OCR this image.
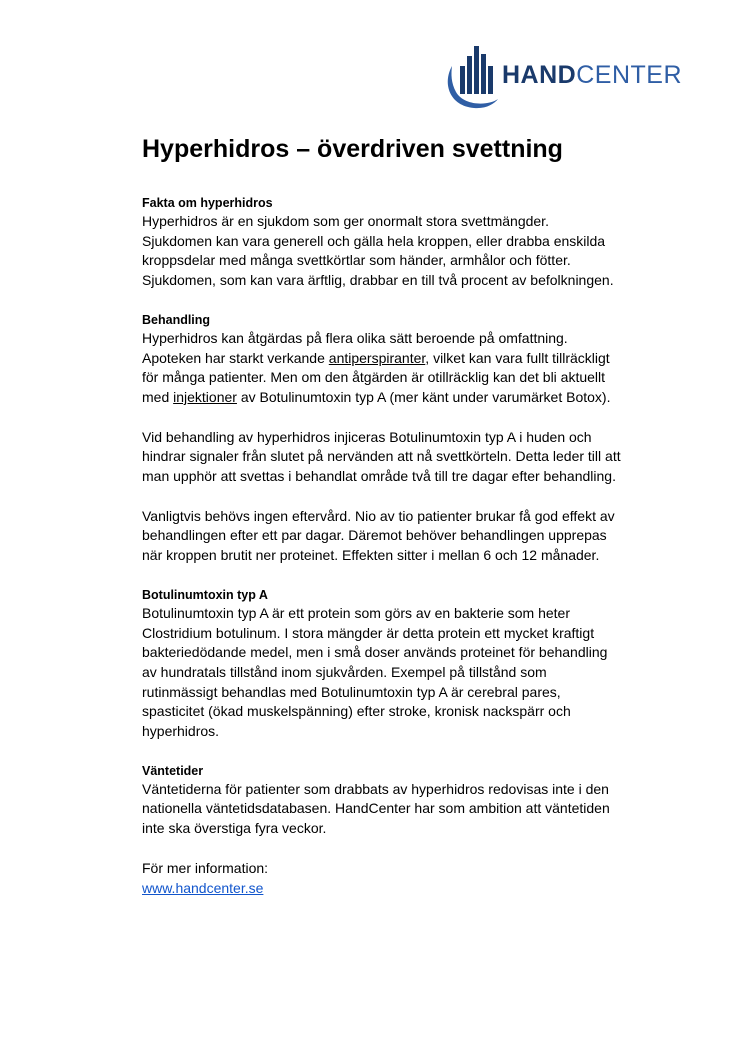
HANDCENTER
Hyperhidros – överdriven svettning
Fakta om hyperhidros

Hyperhidros är en sjukdom som ger onormalt stora svettmängder. Sjukdomen kan vara generell och gälla hela kroppen, eller drabba enskilda kroppsdelar med många svettkörtlar som händer, armhålor och fötter. Sjukdomen, som kan vara ärftlig, drabbar en till två procent av befolkningen.

Behandling

Hyperhidros kan åtgärdas på flera olika sätt beroende på omfattning. Apoteken har starkt verkande antiperspiranter, vilket kan vara fullt tillräckligt för många patienter. Men om den åtgärden är otillräcklig kan det bli aktuellt med injektioner av Botulinumtoxin typ A (mer känt under varumärket Botox).

Vid behandling av hyperhidros injiceras Botulinumtoxin typ A i huden och hindrar signaler från slutet på nervänden att nå svettkörteln. Detta leder till att man upphör att svettas i behandlat område två till tre dagar efter behandling.

Vanligtvis behövs ingen eftervård. Nio av tio patienter brukar få god effekt av behandlingen efter ett par dagar. Däremot behöver behandlingen upprepas när kroppen brutit ner proteinet. Effekten sitter i mellan 6 och 12 månader.

Botulinumtoxin typ A

Botulinumtoxin typ A är ett protein som görs av en bakterie som heter Clostridium botulinum. I stora mängder är detta protein ett mycket kraftigt bakteriedödande medel, men i små doser används proteinet för behandling av hundratals tillstånd inom sjukvården. Exempel på tillstånd som rutinmässigt behandlas med Botulinumtoxin typ A är cerebral pares, spasticitet (ökad muskelspänning) efter stroke, kronisk nackspärr och hyperhidros.

Väntetider

Väntetiderna för patienter som drabbats av hyperhidros redovisas inte i den nationella väntetidsdatabasen. HandCenter har som ambition att väntetiden inte ska överstiga fyra veckor.

För mer information:

www.handcenter.se
